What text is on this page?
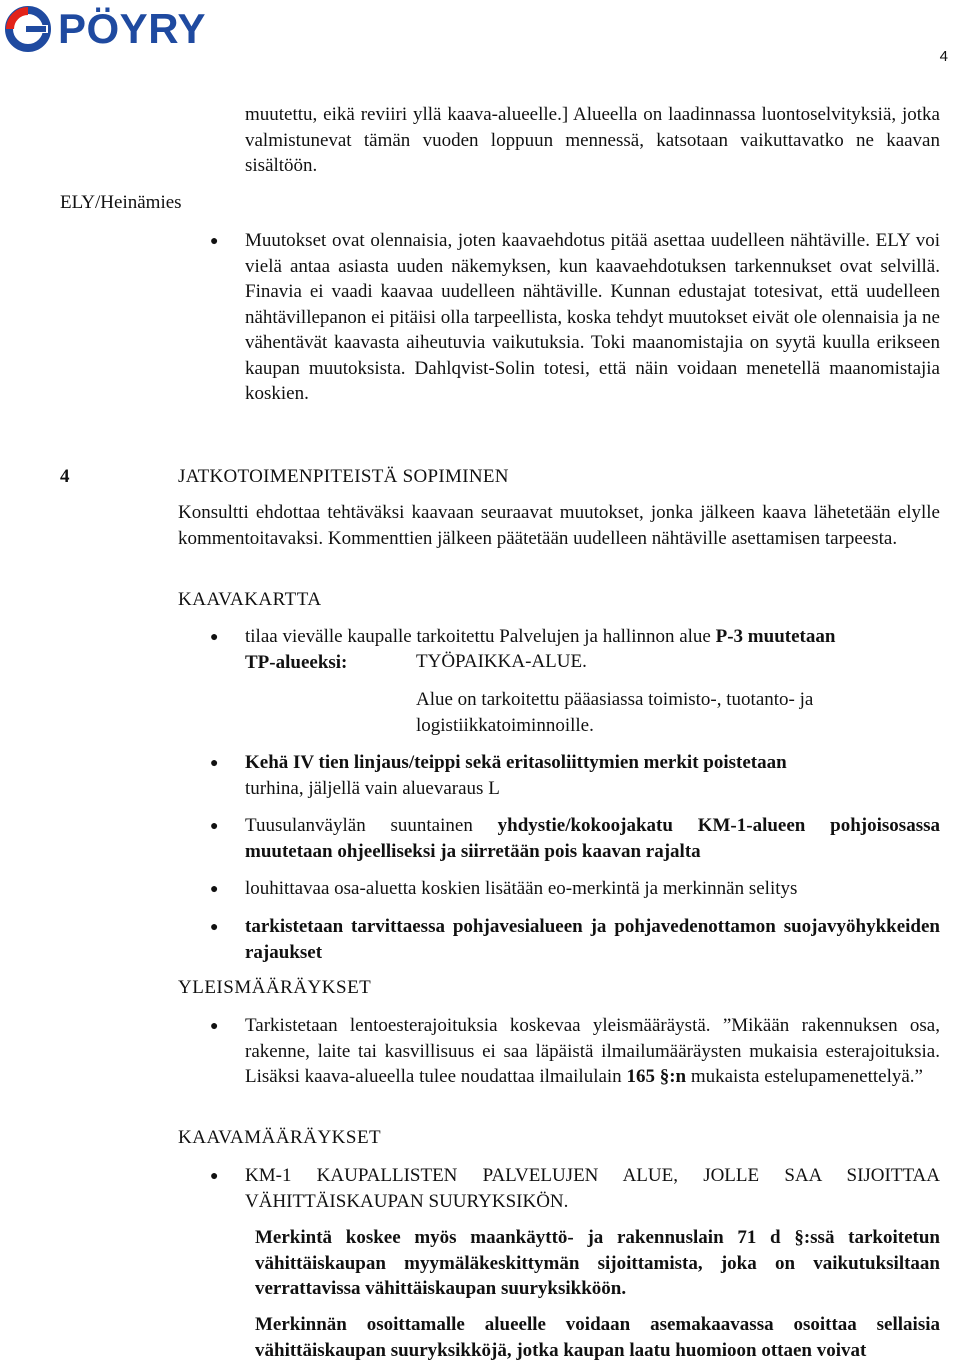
PÖYRY
4
ELY/Heinämies
muutettu, eikä reviiri yllä kaava-alueelle.] Alueella on laadinnassa luontoselvityksiä, jotka valmistunevat tämän vuoden loppuun mennessä, katsotaan vaikuttavatko ne kaavan sisältöön.
● Muutokset ovat olennaisia, joten kaavaehdotus pitää asettaa uudelleen nähtäville. ELY voi vielä antaa asiasta uuden näkemyksen, kun kaavaehdotuksen tarkennukset ovat selvillä. Finavia ei vaadi kaavaa uudelleen nähtäville. Kunnan edustajat totesivat, että uudelleen nähtävillepanon ei pitäisi olla tarpeellista, koska tehdyt muutokset eivät ole olennaisia ja ne vähentävät kaavasta aiheutuvia vaikutuksia. Toki maanomistajia on syytä kuulla erikseen kaupan muutoksista. Dahlqvist-Solin totesi, että näin voidaan menetellä maanomistajia koskien.
4	JATKOTOIMENPITEISTÄ SOPIMINEN
Konsultti ehdottaa tehtäväksi kaavaan seuraavat muutokset, jonka jälkeen kaava lähetetään elylle kommentoitavaksi. Kommenttien jälkeen päätetään uudelleen nähtäville asettamisen tarpeesta.
KAAVAKARTTA
● tilaa vievälle kaupalle tarkoitettu Palvelujen ja hallinnon alue P-3 muutetaan
TP-alueeksi:	TYÖPAIKKA-ALUE.
Alue on tarkoitettu pääasiassa toimisto-, tuotanto- ja logistiikkatoiminnoille.
● Kehä IV tien linjaus/teippi sekä eritasoliittymien merkit poistetaan
turhina, jäljellä vain aluevaraus L
● Tuusulanväylän suuntainen yhdystie/kokoojakatu KM-1-alueen pohjoisosassa muutetaan ohjeelliseksi ja siirretään pois kaavan rajalta
● louhittavaa osa-aluetta koskien lisätään eo-merkintä ja merkinnän selitys
● tarkistetaan tarvittaessa pohjavesialueen ja pohjavedenottamon suojavyöhykkeiden rajaukset
YLEISMÄÄRÄYKSET
● Tarkistetaan lentoesterajoituksia koskevaa yleismääräystä. ”Mikään rakennuksen osa, rakenne, laite tai kasvillisuus ei saa läpäistä ilmailumääräysten mukaisia esterajoituksia. Lisäksi kaava-alueella tulee noudattaa ilmailulain 165 §:n mukaista estelupamenettelyä.”
KAAVAMÄÄRÄYKSET
● KM-1 KAUPALLISTEN PALVELUJEN ALUE, JOLLE SAA SIJOITTAA VÄHITTÄISKAUPAN SUURYKSIKÖN.
Merkintä koskee myös maankäyttö- ja rakennuslain 71 d §:ssä tarkoitetun vähittäiskaupan myymäläkeskittymän sijoittamista, joka on vaikutuksiltaan verrattavissa vähittäiskaupan suuryksikköön.
Merkinnän osoittamalle alueelle voidaan asemakaavassa osoittaa sellaisia vähittäiskaupan suuryksikköjä, jotka kaupan laatu huomioon ottaen voivat
